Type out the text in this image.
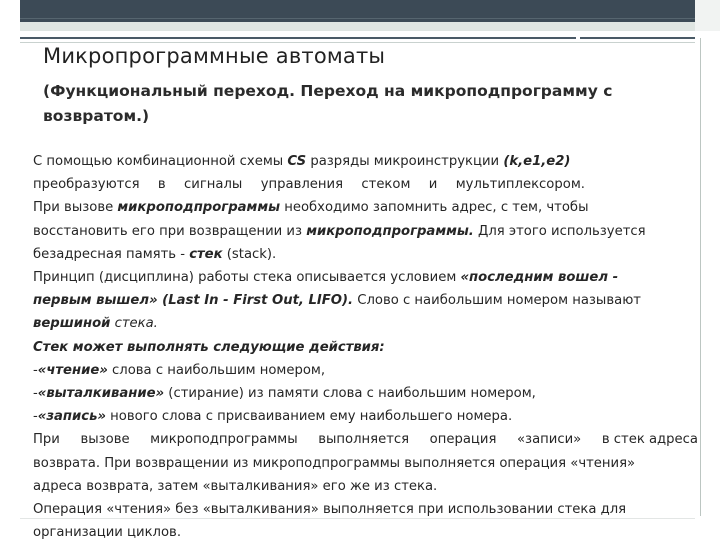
Микропрограммные автоматы
(Функциональный переход. Переход на микроподпрограмму с
возвратом.)

С помощью комбинационной схемы CS разряды микроинструкции (k,e1,e2)

преобразуются в сигналы управления стеком и мультиплексором.

При вызове микроподпрограммы необходимо запомнить адрес, с тем, чтобы

восстановить его при возвращении из микроподпрограммы. Для этого используется

безадресная память - стек (stack).

Принцип (дисциплина) работы стека описывается условием «последним вошел -

первым вышел» (Last In - First Out, LIFO). Слово с наибольшим номером называют

вершиной стека.

Стек может выполнять следующие действия:

-«чтение» слова с наибольшим номером,

-«выталкивание» (стирание) из памяти слова с наибольшим номером,

-«запись» нового слова с присваиванием ему наибольшего номера.

При вызове микроподпрограммы выполняется операция «записи» в стек адреса

возврата. При возвращении из микроподпрограммы выполняется операция «чтения»

адреса возврата, затем «выталкивания» его же из стека.

Операция «чтения» без «выталкивания» выполняется при использовании стека для

организации циклов.
